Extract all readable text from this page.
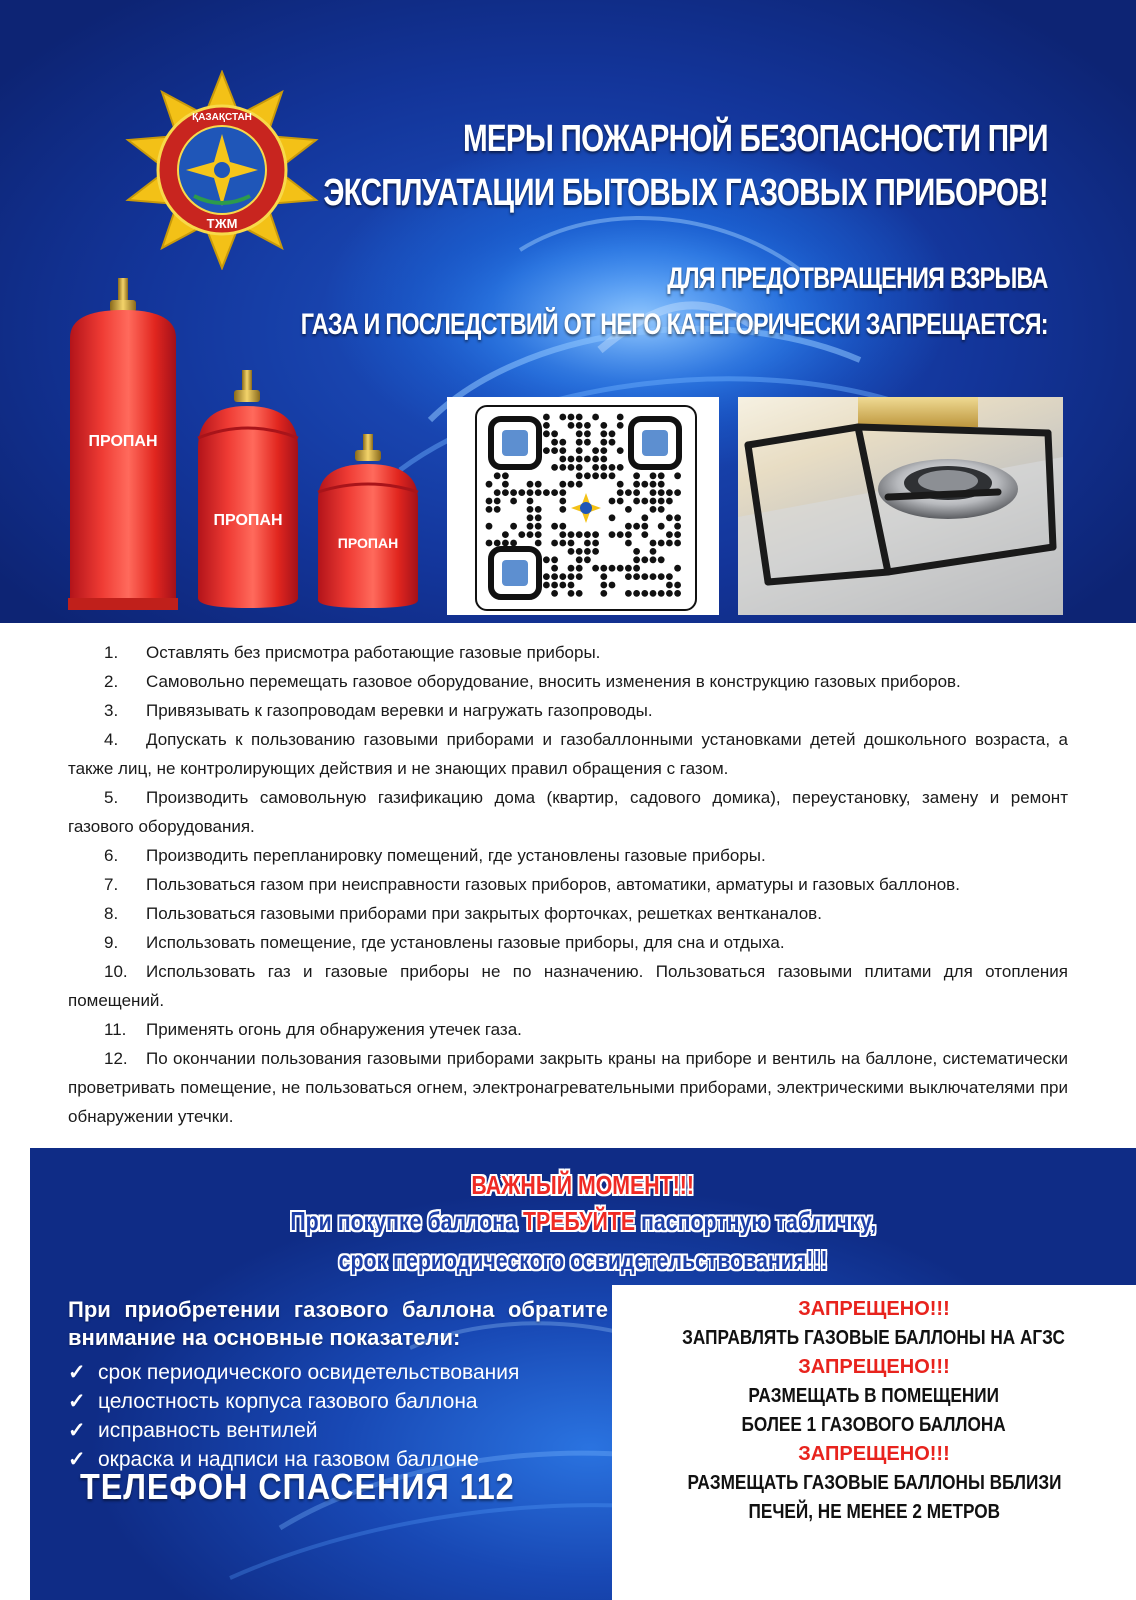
ҚАЗАҚСТАН
ТЖМ
МЕРЫ ПОЖАРНОЙ БЕЗОПАСНОСТИ ПРИ
ЭКСПЛУАТАЦИИ БЫТОВЫХ ГАЗОВЫХ ПРИБОРОВ!
ДЛЯ ПРЕДОТВРАЩЕНИЯ ВЗРЫВА
ГАЗА И ПОСЛЕДСТВИЙ ОТ НЕГО КАТЕГОРИЧЕСКИ ЗАПРЕЩАЕТСЯ:
ПРОПАН
ПРОПАН
ПРОПАН

1. Оставлять без присмотра работающие газовые приборы.

2. Самовольно перемещать газовое оборудование, вносить изменения в конструкцию газовых приборов.

3. Привязывать к газопроводам веревки и нагружать газопроводы.

4. Допускать к пользованию газовыми приборами и газобаллонными установками детей дошкольного возраста, а также лиц, не контролирующих действия и не знающих правил обращения с газом.

5. Производить самовольную газификацию дома (квартир, садового домика), переустановку, замену и ремонт газового оборудования.

6. Производить перепланировку помещений, где установлены газовые приборы.

7. Пользоваться газом при неисправности газовых приборов, автоматики, арматуры и газовых баллонов.

8. Пользоваться газовыми приборами при закрытых форточках, решетках вентканалов.

9. Использовать помещение, где установлены газовые приборы, для сна и отдыха.

10. Использовать газ и газовые приборы не по назначению. Пользоваться газовыми плитами для отопления помещений.

11. Применять огонь для обнаружения утечек газа.

12. По окончании пользования газовыми приборами закрыть краны на приборе и вентиль на баллоне, систематически проветривать помещение, не пользоваться огнем, электронагревательными приборами, электрическими выключателями при обнаружении утечки.

ВАЖНЫЙ МОМЕНТ!!!
При покупке баллона ТРЕБУЙТЕ паспортную табличку,
срок периодического освидетельствования!!!
При приобретении газового баллона обратите внимание на основные показатели:
✓ срок периодического освидетельствования
✓ целостность корпуса газового баллона
✓ исправность вентилей
✓ окраска и надписи на газовом баллоне
ТЕЛЕФОН СПАСЕНИЯ 112
ЗАПРЕЩЕНО!!!
ЗАПРАВЛЯТЬ ГАЗОВЫЕ БАЛЛОНЫ НА АГЗС
ЗАПРЕЩЕНО!!!
РАЗМЕЩАТЬ В ПОМЕЩЕНИИ
БОЛЕЕ 1 ГАЗОВОГО БАЛЛОНА
ЗАПРЕЩЕНО!!!
РАЗМЕЩАТЬ ГАЗОВЫЕ БАЛЛОНЫ ВБЛИЗИ
ПЕЧЕЙ, НЕ МЕНЕЕ 2 МЕТРОВ
